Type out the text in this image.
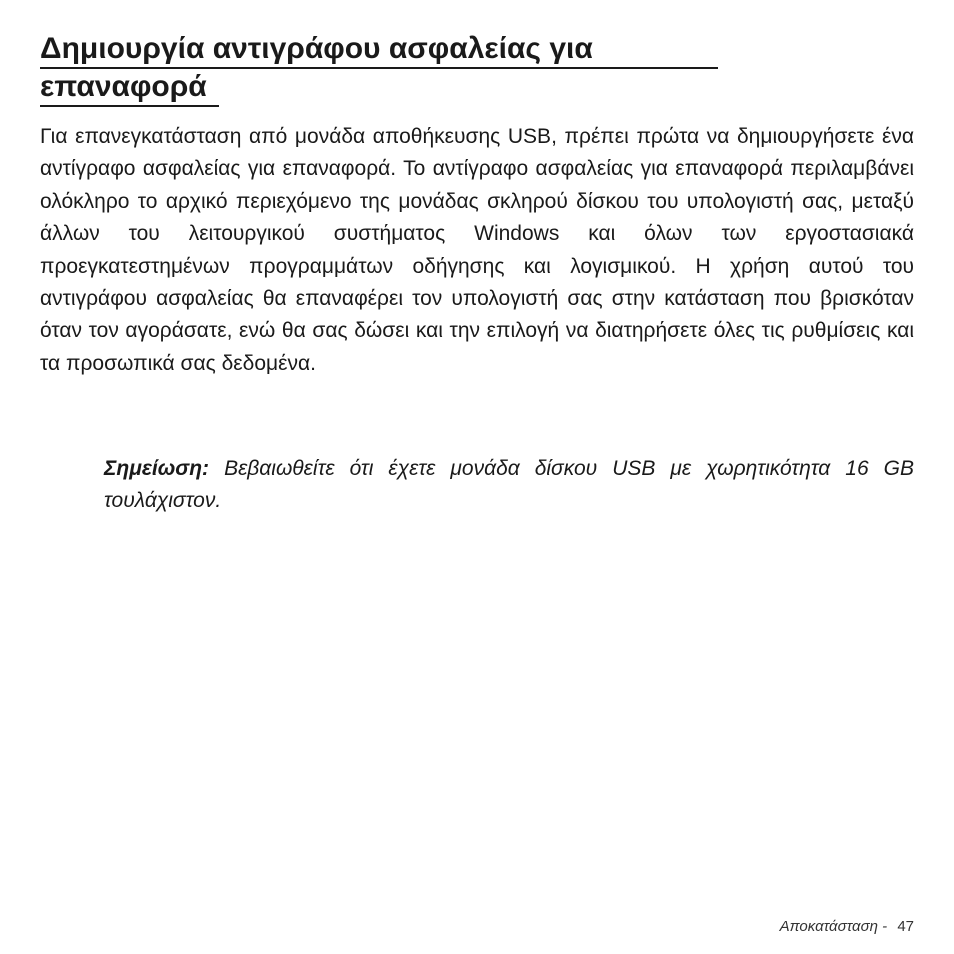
Δημιουργία αντιγράφου ασφαλείας για
επαναφορά

Για επανεγκατάσταση από μονάδα αποθήκευσης USB, πρέπει πρώτα να δημιουργήσετε ένα αντίγραφο ασφαλείας για επαναφορά. Το αντίγραφο ασφαλείας για επαναφορά περιλαμβάνει ολόκληρο το αρχικό περιεχόμενο της μονάδας σκληρού δίσκου του υπολογιστή σας, μεταξύ άλλων του λειτουργικού συστήματος Windows και όλων των εργοστασιακά προεγκατεστημένων προγραμμάτων οδήγησης και λογισμικού. Η χρήση αυτού του αντιγράφου ασφαλείας θα επαναφέρει τον υπολογιστή σας στην κατάσταση που βρισκόταν όταν τον αγοράσατε, ενώ θα σας δώσει και την επιλογή να διατηρήσετε όλες τις ρυθμίσεις και τα προσωπικά σας δεδομένα.

Σημείωση: Βεβαιωθείτε ότι έχετε μονάδα δίσκου USB με χωρητικότητα 16 GB τουλάχιστον.

Αποκατάσταση - 47
